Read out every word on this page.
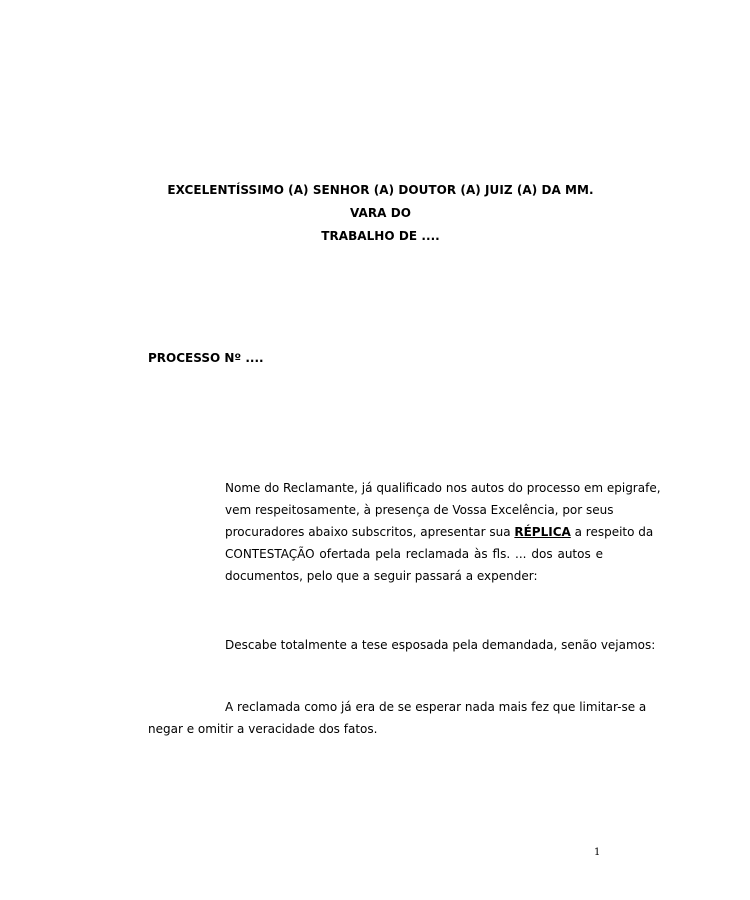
EXCELENTÍSSIMO (A) SENHOR (A) DOUTOR (A) JUIZ (A) DA MM. VARA DO
TRABALHO DE ....
PROCESSO Nº ....
Nome do Reclamante, já qualificado nos autos do processo em epigrafe,
vem respeitosamente, à presença de Vossa Excelência, por seus
procuradores abaixo subscritos, apresentar sua RÉPLICA a respeito da
CONTESTAÇÃO ofertada pela reclamada às fls. ... dos autos e
documentos, pelo que a seguir passará a expender:
Descabe totalmente a tese esposada pela demandada, senão vejamos:
A reclamada como já era de se esperar nada mais fez que limitar-se a
negar e omitir a veracidade dos fatos.
1
